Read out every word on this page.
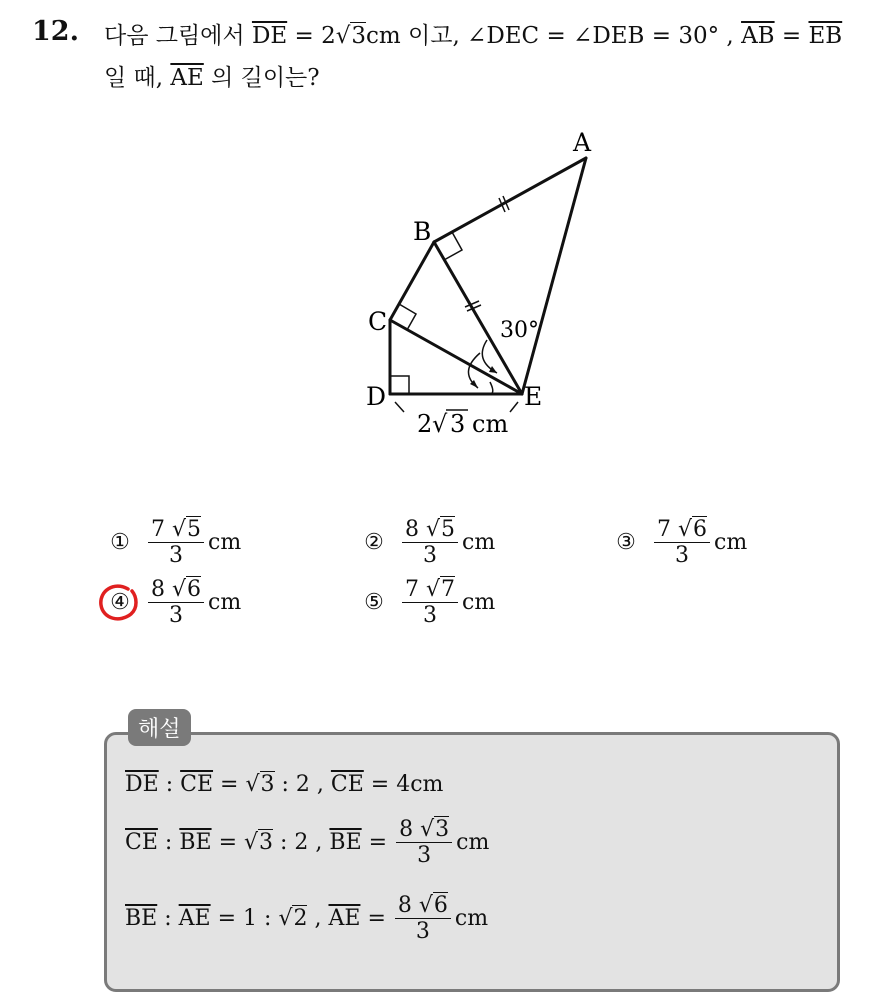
12. 다음 그림에서 $\overline{DE} = 2√3cm$ 이고, ∠DEC = ∠DEB = 30° , $\overline{AB} = \overline{EB}$
일 때, $\overline{AE}$ 의 길이는?
A
B
C
D	E
30°
2 √ 3 cm
① $\frac{7 √5}{3}$ cm	② $\frac{8 √5}{3}$ cm	③ $\frac{7 √6}{3}$ cm
④ $\frac{8 √6}{3}$ cm	⑤ $\frac{7 √7}{3}$ cm
해설
$\overline{DE}$
:
$\overline{CE}$
=
√3
: 2 ,
$\overline{CE}$
= 4cm
$\overline{CE}$
:
$\overline{BE}$
=
√3
: 2 ,
$\overline{BE}$
=
$\frac{8 √3}{3}$ cm
$\overline{BE}$
:
$\overline{AE}$
= 1 :
√2
,
$\overline{AE}$
=
$\frac{8 √6}{3}$ cm
